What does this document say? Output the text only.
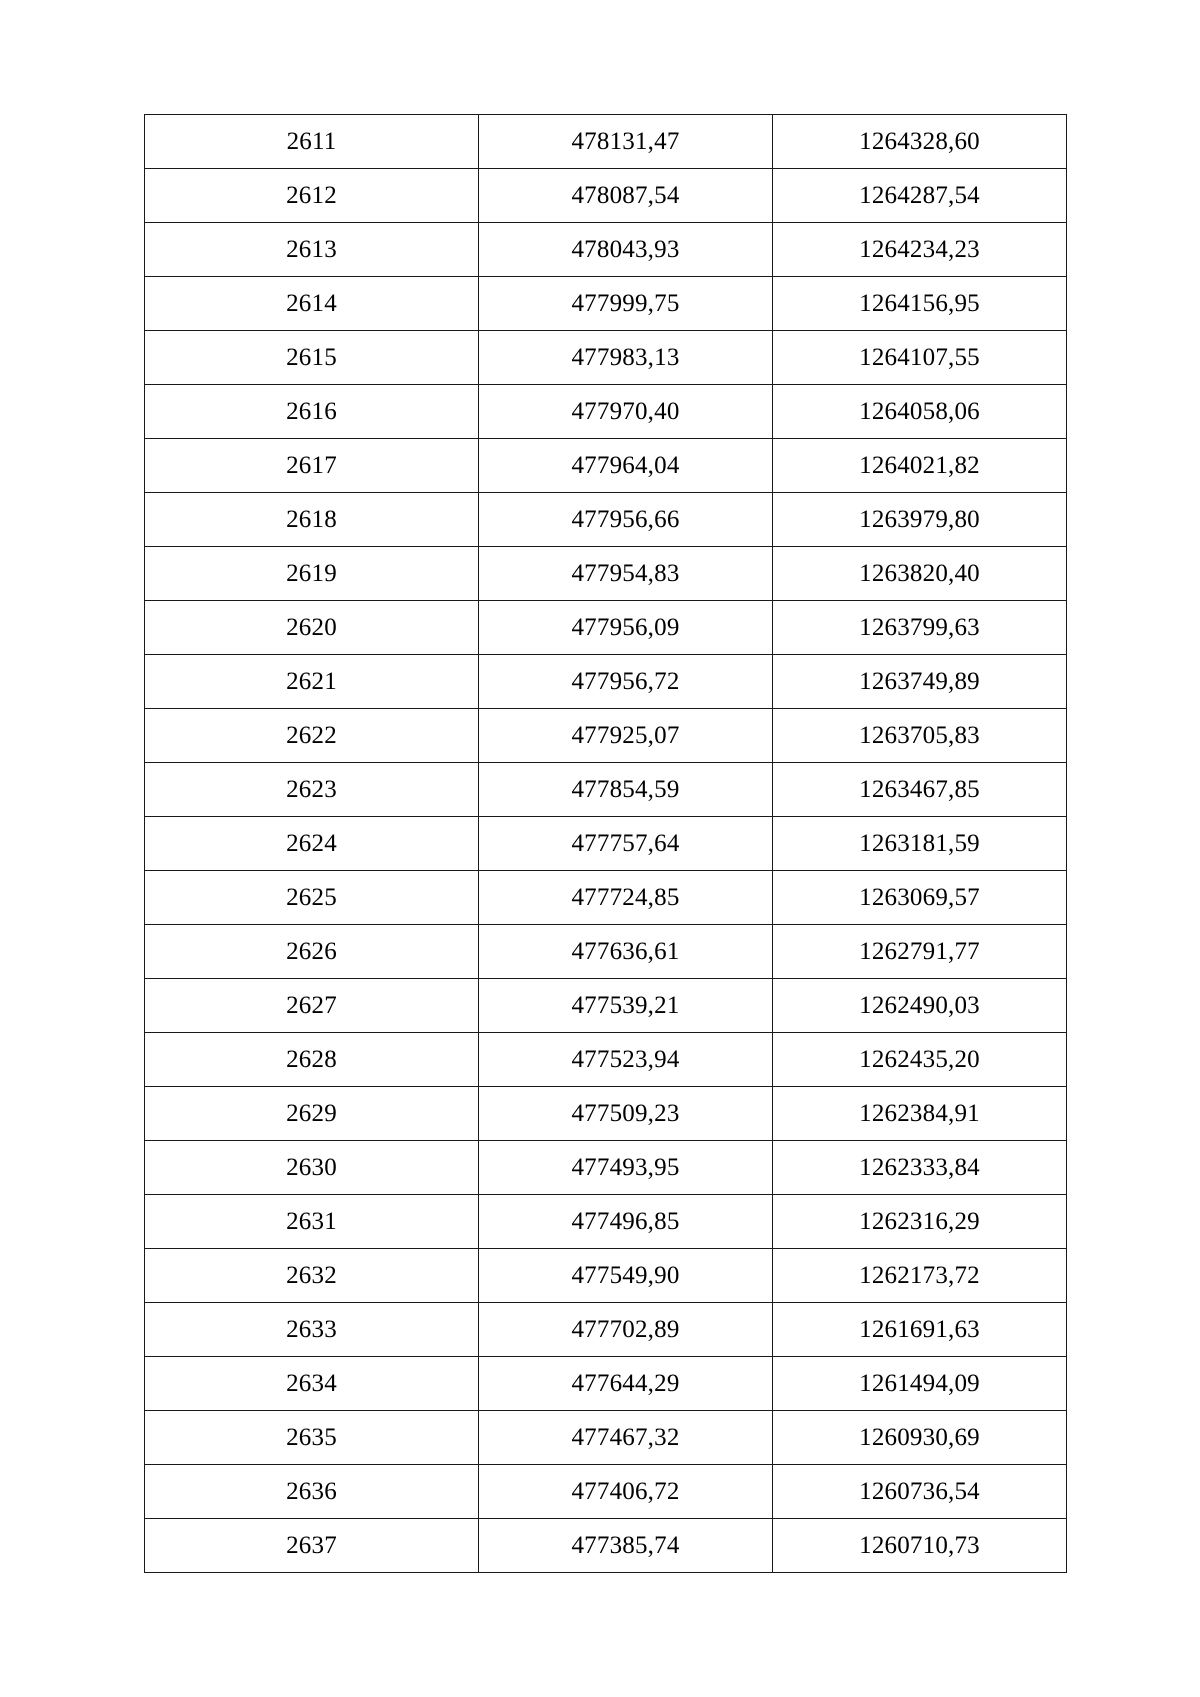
2611	478131,47	1264328,60
2612	478087,54	1264287,54
2613	478043,93	1264234,23
2614	477999,75	1264156,95
2615	477983,13	1264107,55
2616	477970,40	1264058,06
2617	477964,04	1264021,82
2618	477956,66	1263979,80
2619	477954,83	1263820,40
2620	477956,09	1263799,63
2621	477956,72	1263749,89
2622	477925,07	1263705,83
2623	477854,59	1263467,85
2624	477757,64	1263181,59
2625	477724,85	1263069,57
2626	477636,61	1262791,77
2627	477539,21	1262490,03
2628	477523,94	1262435,20
2629	477509,23	1262384,91
2630	477493,95	1262333,84
2631	477496,85	1262316,29
2632	477549,90	1262173,72
2633	477702,89	1261691,63
2634	477644,29	1261494,09
2635	477467,32	1260930,69
2636	477406,72	1260736,54
2637	477385,74	1260710,73
